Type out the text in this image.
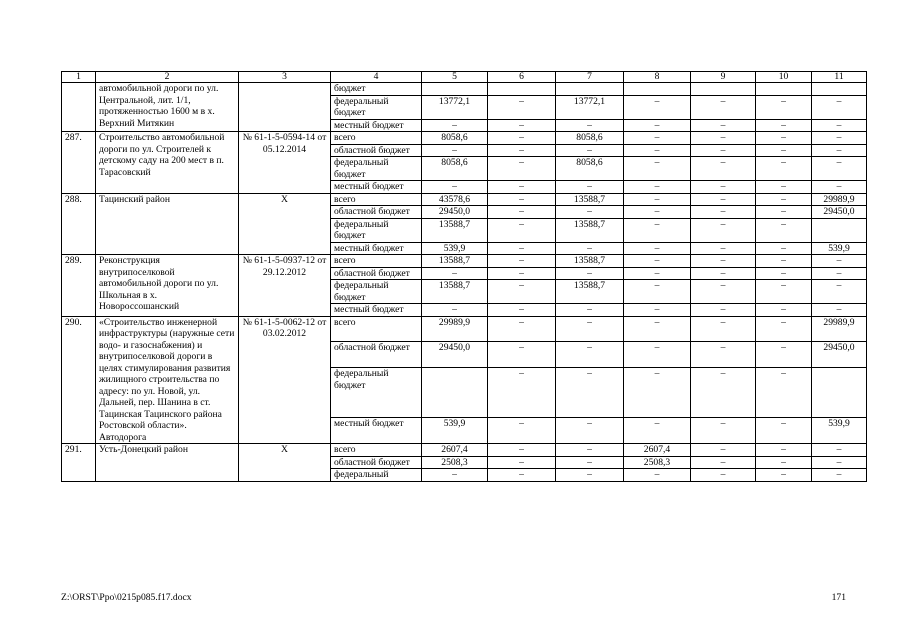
1	2	3	4	5	6	7	8	9	10	11
	автомобильной дороги по ул. Центральной, лит. 1/1, протяженностью 1600 м в х. Верхний Митякин		бюджет							
			федеральный бюджет	13772,1	–	13772,1	–	–	–	–
			местный бюджет	–	–	–	–	–	–	–
287.	Строительство автомобильной дороги по ул. Строителей к детскому саду на 200 мест в п. Тарасовский	№ 61-1-5-0594-14 от 05.12.2014	всего	8058,6	–	8058,6	–	–	–	–
			областной бюджет	–	–	–	–	–	–	–
			федеральный бюджет	8058,6	–	8058,6	–	–	–	–
			местный бюджет	–	–	–	–	–	–	–
288.	Тацинский район	Х	всего	43578,6	–	13588,7	–	–	–	29989,9
			областной бюджет	29450,0	–	–	–	–	–	29450,0
			федеральный бюджет	13588,7	–	13588,7	–	–	–	
			местный бюджет	539,9	–	–	–	–	–	539,9
289.	Реконструкция внутрипоселковой автомобильной дороги по ул. Школьная в х. Новороссошанский	№ 61-1-5-0937-12 от 29.12.2012	всего	13588,7	–	13588,7	–	–	–	–
			областной бюджет	–	–	–	–	–	–	–
			федеральный бюджет	13588,7	–	13588,7	–	–	–	–
			местный бюджет	–	–	–	–	–	–	–
290.	«Строительство инженерной инфраструктуры (наружные сети водо- и газоснабжения) и внутрипоселковой дороги в целях стимулирования развития жилищного строительства по адресу: по ул. Новой, ул. Дальней, пер. Шанина в ст. Тацинская Тацинского района Ростовской области». Автодорога	№ 61-1-5-0062-12 от 03.02.2012	всего	29989,9	–	–	–	–	–	29989,9
			областной бюджет	29450,0	–	–	–	–	–	29450,0
			федеральный бюджет		–	–	–	–	–	
			местный бюджет	539,9	–	–	–	–	–	539,9
291.	Усть-Донецкий район	Х	всего	2607,4	–	–	2607,4	–	–	–
			областной бюджет	2508,3	–	–	2508,3	–	–	–
			федеральный	–	–	–	–	–	–	–
Z:\ORST\Ppo\0215p085.f17.docx	171
